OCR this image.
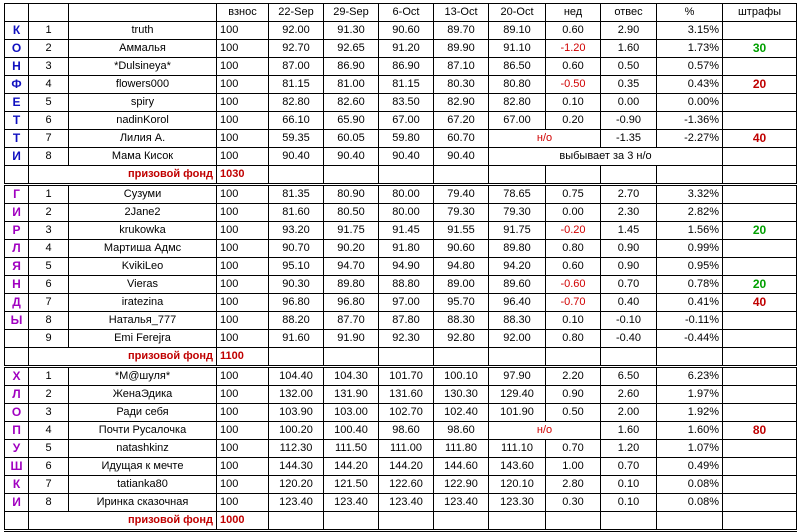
			взнос	22-Sep	29-Sep	6-Oct	13-Oct	20-Oct	нед	отвес	%	штрафы
К	1	truth	100	92.00	91.30	90.60	89.70	89.10	0.60	2.90	3.15%	
О	2	Аммалья	100	92.70	92.65	91.20	89.90	91.10	-1.20	1.60	1.73%	30
Н	3	*Dulsineya*	100	87.00	86.90	86.90	87.10	86.50	0.60	0.50	0.57%	
Ф	4	flowers000	100	81.15	81.00	81.15	80.30	80.80	-0.50	0.35	0.43%	20
Е	5	spiry	100	82.80	82.60	83.50	82.90	82.80	0.10	0.00	0.00%	
Т	6	nadinKorol	100	66.10	65.90	67.00	67.20	67.00	0.20	-0.90	-1.36%	
Т	7	Лилия А.	100	59.35	60.05	59.80	60.70	н/о		-1.35	-2.27%	40
И	8	Мама Кисок	100	90.40	90.40	90.40	90.40	выбывает за 3 н/о				
	призовой фонд		1030									
Г	1	Сузуми	100	81.35	80.90	80.00	79.40	78.65	0.75	2.70	3.32%	
И	2	2Jane2	100	81.60	80.50	80.00	79.30	79.30	0.00	2.30	2.82%	
Р	3	krukowka	100	93.20	91.75	91.45	91.55	91.75	-0.20	1.45	1.56%	20
Л	4	Мартиша Адмс	100	90.70	90.20	91.80	90.60	89.80	0.80	0.90	0.99%	
Я	5	KvikiLeo	100	95.10	94.70	94.90	94.80	94.20	0.60	0.90	0.95%	
Н	6	Vieras	100	90.30	89.80	88.80	89.00	89.60	-0.60	0.70	0.78%	20
Д	7	iratezina	100	96.80	96.80	97.00	95.70	96.40	-0.70	0.40	0.41%	40
Ы	8	Наталья_777	100	88.20	87.70	87.80	88.30	88.30	0.10	-0.10	-0.11%	
	9	Emi Ferejra	100	91.60	91.90	92.30	92.80	92.00	0.80	-0.40	-0.44%	
	призовой фонд		1100									
Х	1	*M@шуля*	100	104.40	104.30	101.70	100.10	97.90	2.20	6.50	6.23%	
Л	2	ЖенаЭдика	100	132.00	131.90	131.60	130.30	129.40	0.90	2.60	1.97%	
О	3	Ради себя	100	103.90	103.00	102.70	102.40	101.90	0.50	2.00	1.92%	
П	4	Почти Русалочка	100	100.20	100.40	98.60	98.60	н/о		1.60	1.60%	80
У	5	natashkinz	100	112.30	111.50	111.00	111.80	111.10	0.70	1.20	1.07%	
Ш	6	Идущая к мечте	100	144.30	144.20	144.20	144.60	143.60	1.00	0.70	0.49%	
К	7	tatianka80	100	120.20	121.50	122.60	122.90	120.10	2.80	0.10	0.08%	
И	8	Иринка сказочная	100	123.40	123.40	123.40	123.40	123.30	0.30	0.10	0.08%	
	призовой фонд		1000									
